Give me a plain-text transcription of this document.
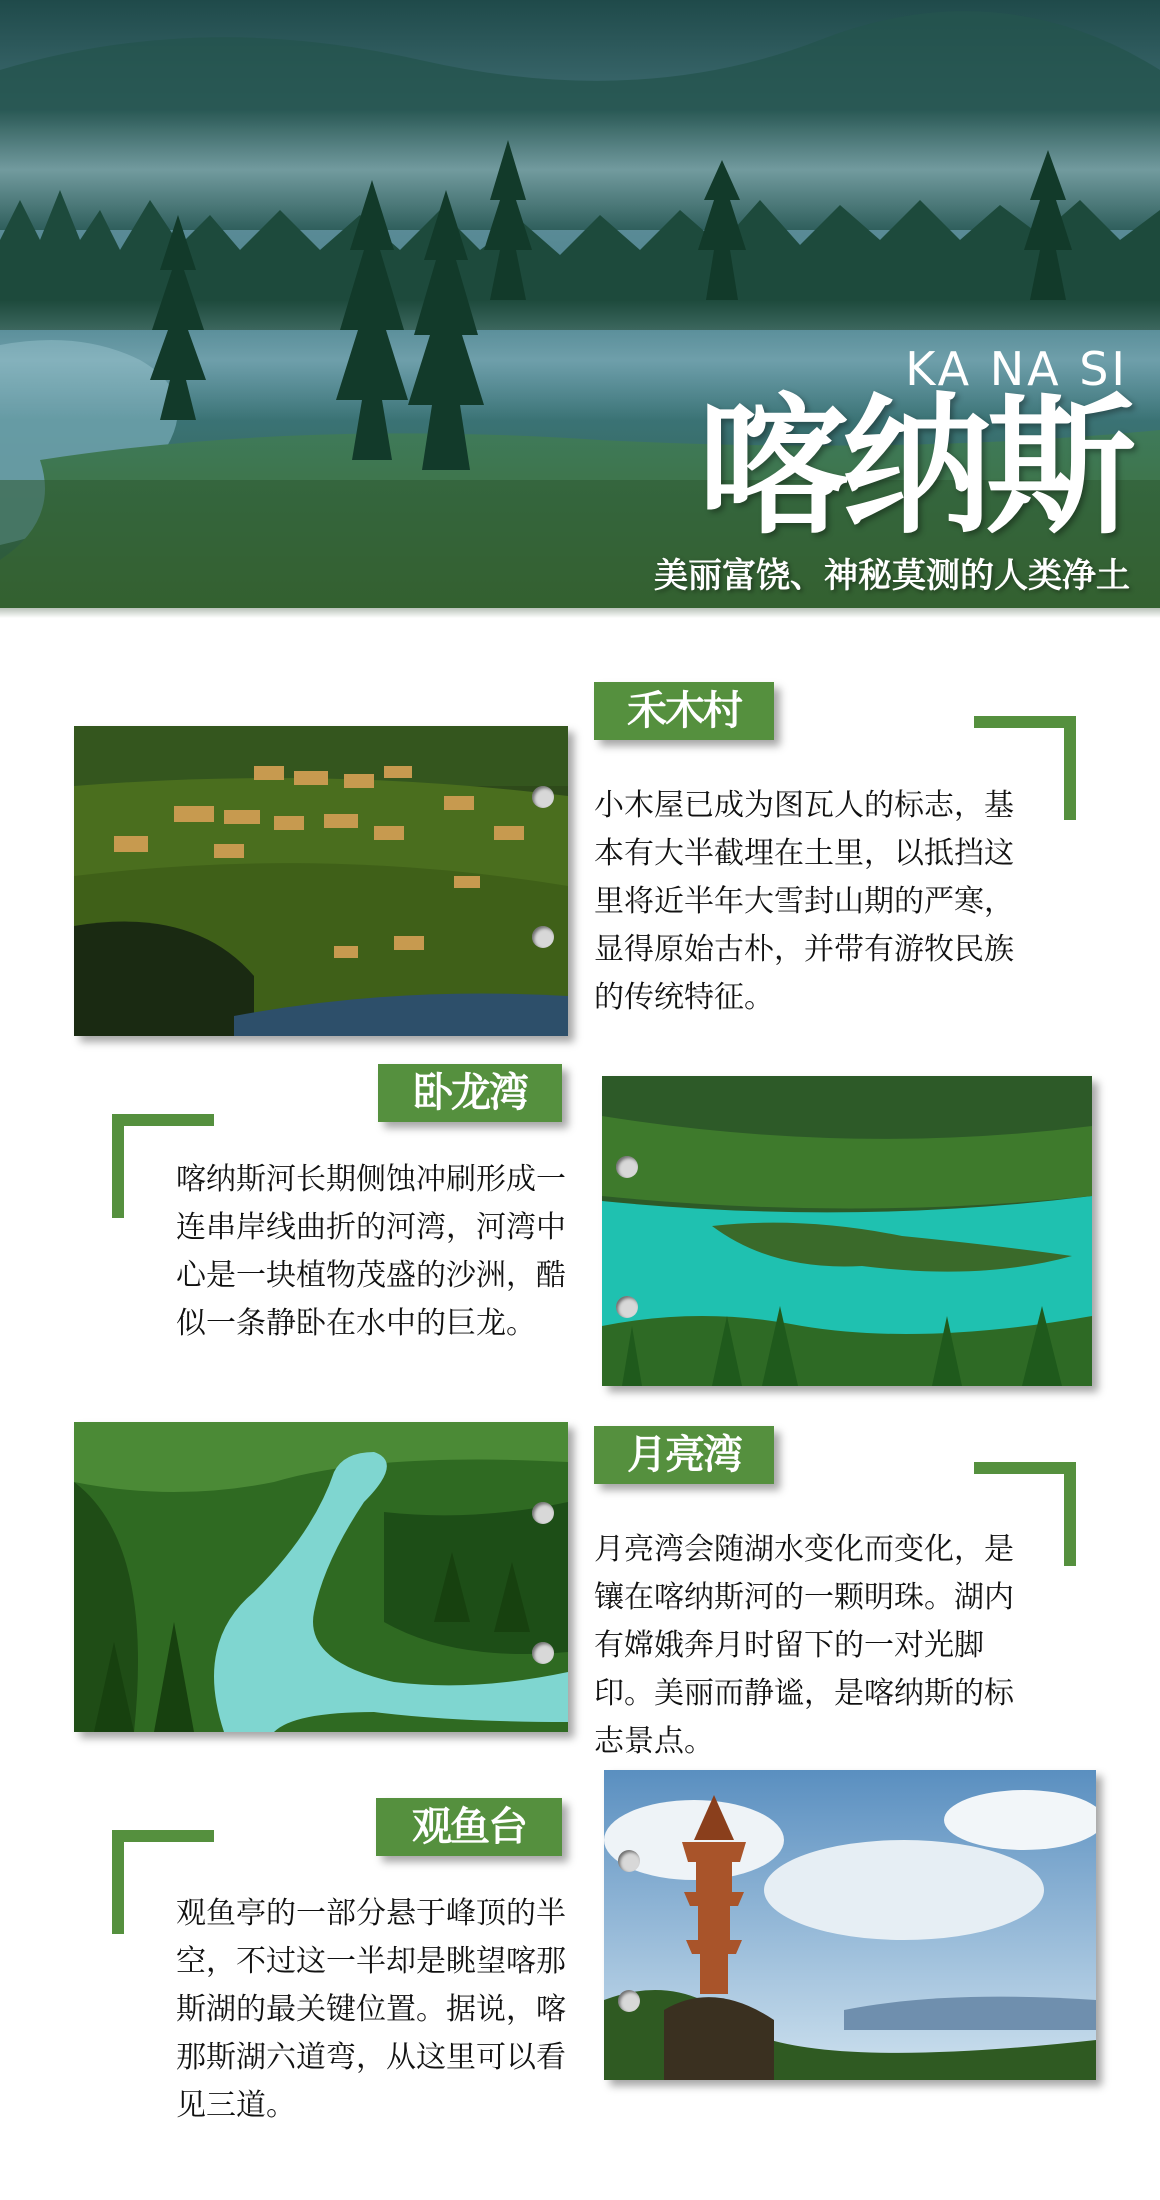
KA NA SI
喀纳斯
美丽富饶、神秘莫测的人类净土
禾木村
小木屋已成为图瓦人的标志，基本有大半截埋在土里，以抵挡这里将近半年大雪封山期的严寒，显得原始古朴，并带有游牧民族的传统特征。
卧龙湾
喀纳斯河长期侧蚀冲刷形成一连串岸线曲折的河湾，河湾中心是一块植物茂盛的沙洲，酷似一条静卧在水中的巨龙。
月亮湾
月亮湾会随湖水变化而变化，是镶在喀纳斯河的一颗明珠。湖内有嫦娥奔月时留下的一对光脚印。美丽而静谧，是喀纳斯的标志景点。
观鱼台
观鱼亭的一部分悬于峰顶的半空，不过这一半却是眺望喀那斯湖的最关键位置。据说，喀那斯湖六道弯，从这里可以看见三道。
